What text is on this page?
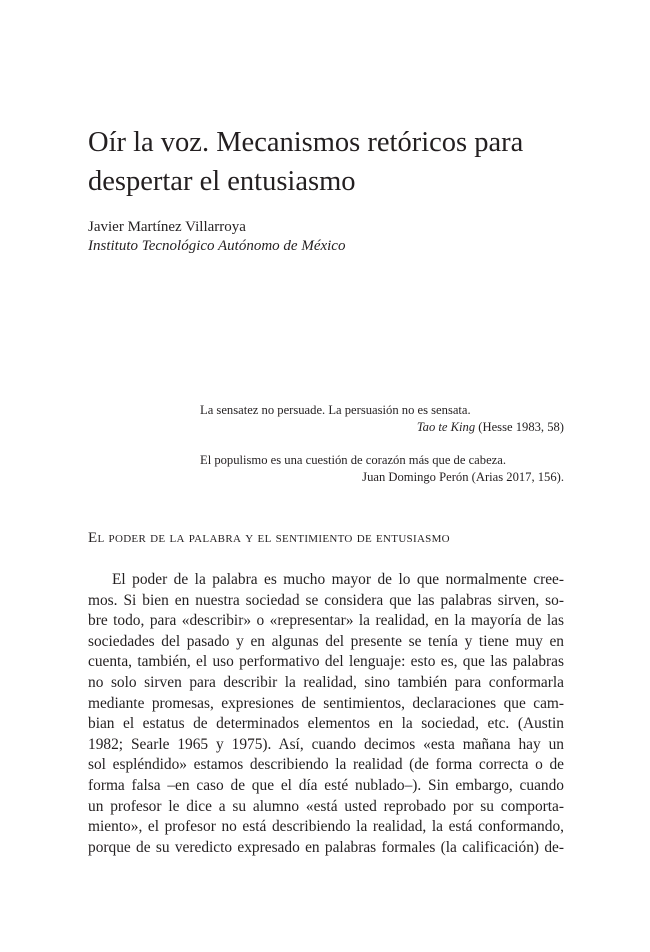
Oír la voz. Mecanismos retóricos para
despertar el entusiasmo

Javier Martínez Villarroya

Instituto Tecnológico Autónomo de México

La sensatez no persuade. La persuasión no es sensata.
Tao te King (Hesse 1983, 58)
El populismo es una cuestión de corazón más que de cabeza.
Juan Domingo Perón (Arias 2017, 156).
El poder de la palabra y el sentimiento de entusiasmo
El poder de la palabra es mucho mayor de lo que normalmente cree-
mos. Si bien en nuestra sociedad se considera que las palabras sirven, so-
bre todo, para «describir» o «representar» la realidad, en la mayoría de las
sociedades del pasado y en algunas del presente se tenía y tiene muy en
cuenta, también, el uso performativo del lenguaje: esto es, que las palabras
no solo sirven para describir la realidad, sino también para conformarla
mediante promesas, expresiones de sentimientos, declaraciones que cam-
bian el estatus de determinados elementos en la sociedad, etc. (Austin
1982; Searle 1965 y 1975). Así, cuando decimos «esta mañana hay un
sol espléndido» estamos describiendo la realidad (de forma correcta o de
forma falsa –en caso de que el día esté nublado–). Sin embargo, cuando
un profesor le dice a su alumno «está usted reprobado por su comporta-
miento», el profesor no está describiendo la realidad, la está conformando,
porque de su veredicto expresado en palabras formales (la calificación) de-
